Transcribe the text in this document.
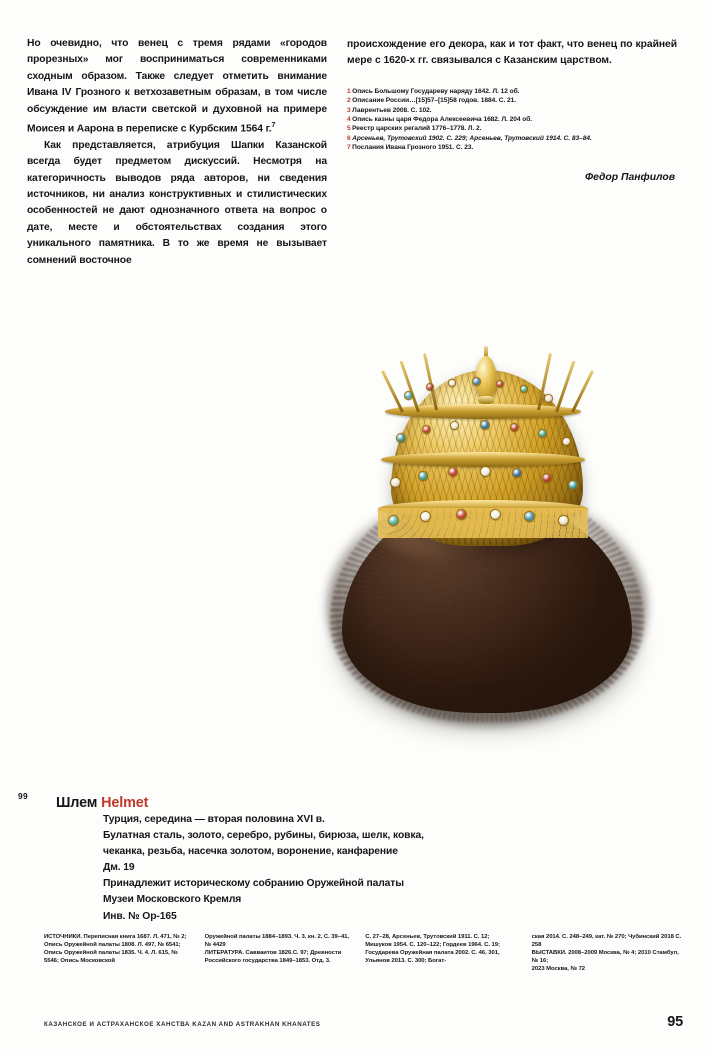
Но очевидно, что венец с тремя рядами «городов прорезных» мог восприниматься современниками сходным образом. Также следует отметить внимание Ивана IV Грозного к ветхозаветным образам, в том числе обсуждение им власти светской и духовной на примере Моисея и Аарона в переписке с Курбским 1564 г.$^7$

Как представляется, атрибуция Шапки Казанской всегда будет предметом дискуссий. Несмотря на категоричность выводов ряда авторов, ни сведения источников, ни анализ конструктивных и стилистических особенностей не дают однозначного ответа на вопрос о дате, месте и обстоятельствах создания этого уникального памятника. В то же время не вызывает сомнений восточное

происхождение его декора, как и тот факт, что венец по крайней мере с 1620-х гг. связывался с Казанским царством.

1 Опись Большому Государеву наряду 1642. Л. 12 об.
2 Описание России…[15]57–[15]58 годов. 1884. С. 21.
3 Лаврентьев 2008. С. 102.
4 Опись казны царя Федора Алексеевича 1682. Л. 204 об.
5 Реестр царских регалий 1776–1778. Л. 2.
6 Арсеньев, Трутовский 1902. С. 229; Арсеньев, Трутовский 1914. С. 83–84.
7 Послания Ивана Грозного 1951. С. 23.
Федор Панфилов
99 Шлем Helmet
Турция, середина — вторая половина XVI в.
Булатная сталь, золото, серебро, рубины, бирюза, шелк, ковка,
чеканка, резьба, насечка золотом, воронение, канфарение
Дм. 19
Принадлежит историческому собранию Оружейной палаты
Музеи Московского Кремля
Инв. № Ор-165
ИСТОЧНИКИ. Переписная книга 1687. Л. 471, № 2; Опись Оружейной палаты 1808. Л. 497, № 6541; Опись Оружейной палаты 1835. Ч. 4. Л. 615, № 5546; Опись Московской
Оружейной палаты 1884–1893. Ч. 3. кн. 2. С. 39–41, № 4429
ЛИТЕРАТУРА. Савваитов 1826.С. 97; Древности Российского государства 1849–1853. Отд. 3.
С. 27–28, Арсеньев, Трутовский 1911. С. 12; Мишуков 1954. С. 120–122; Гордеев 1964. С. 19; Государева Оружейная палата 2002. С. 46, 301, Ульянов 2013. С. 300; Богат-
ская 2014. С. 248–249, кат. № 270; Чубинский 2018 С. 258
ВЫСТАВКИ. 2008–2009 Москва, № 4; 2010 Стамбул, № 16;
2023 Москва, № 72
КАЗАНСКОЕ И АСТРАХАНСКОЕ ХАНСТВА KAZAN AND ASTRAKHAN KHANATES	95
